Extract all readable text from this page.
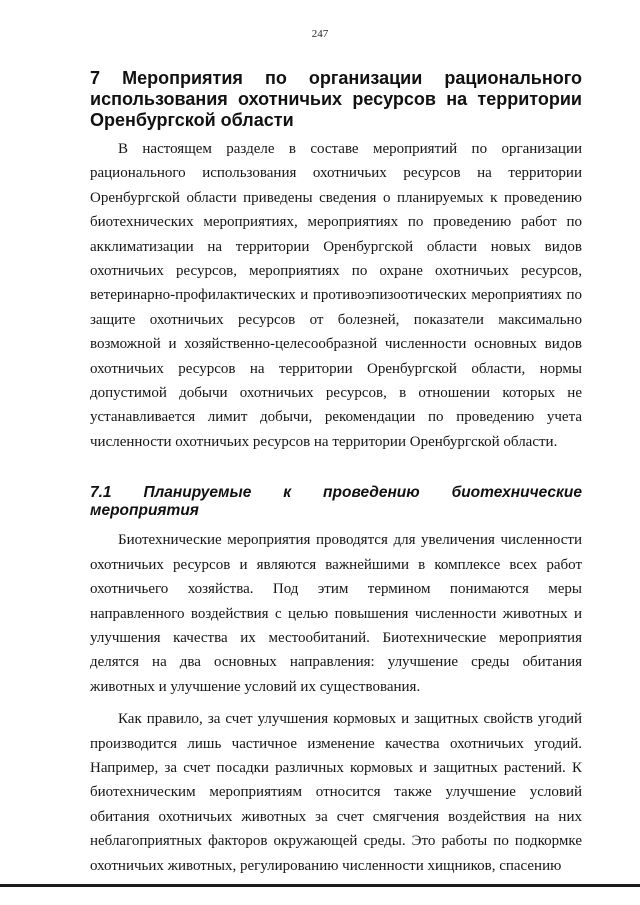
247
7 Мероприятия по организации рационального использования охотничьих ресурсов на территории Оренбургской области

В настоящем разделе в составе мероприятий по организации рационального использования охотничьих ресурсов на территории Оренбургской области приведены сведения о планируемых к проведению биотехнических мероприятиях, мероприятиях по проведению работ по акклиматизации на территории Оренбургской области новых видов охотничьих ресурсов, мероприятиях по охране охотничьих ресурсов, ветеринарно-профилактических и противоэпизоотических мероприятиях по защите охотничьих ресурсов от болезней, показатели максимально возможной и хозяйственно-целесообразной численности основных видов охотничьих ресурсов на территории Оренбургской области, нормы допустимой добычи охотничьих ресурсов, в отношении которых не устанавливается лимит добычи, рекомендации по проведению учета численности охотничьих ресурсов на территории Оренбургской области.

7.1 Планируемые к проведению биотехнические мероприятия

Биотехнические мероприятия проводятся для увеличения численности охотничьих ресурсов и являются важнейшими в комплексе всех работ охотничьего хозяйства. Под этим термином понимаются меры направленного воздействия с целью повышения численности животных и улучшения качества их местообитаний. Биотехнические мероприятия делятся на два основных направления: улучшение среды обитания животных и улучшение условий их существования.

Как правило, за счет улучшения кормовых и защитных свойств угодий производится лишь частичное изменение качества охотничьих угодий. Например, за счет посадки различных кормовых и защитных растений. К биотехническим мероприятиям относится также улучшение условий обитания охотничьих животных за счет смягчения воздействия на них неблагоприятных факторов окружающей среды. Это работы по подкормке охотничьих животных, регулированию численности хищников, спасению
